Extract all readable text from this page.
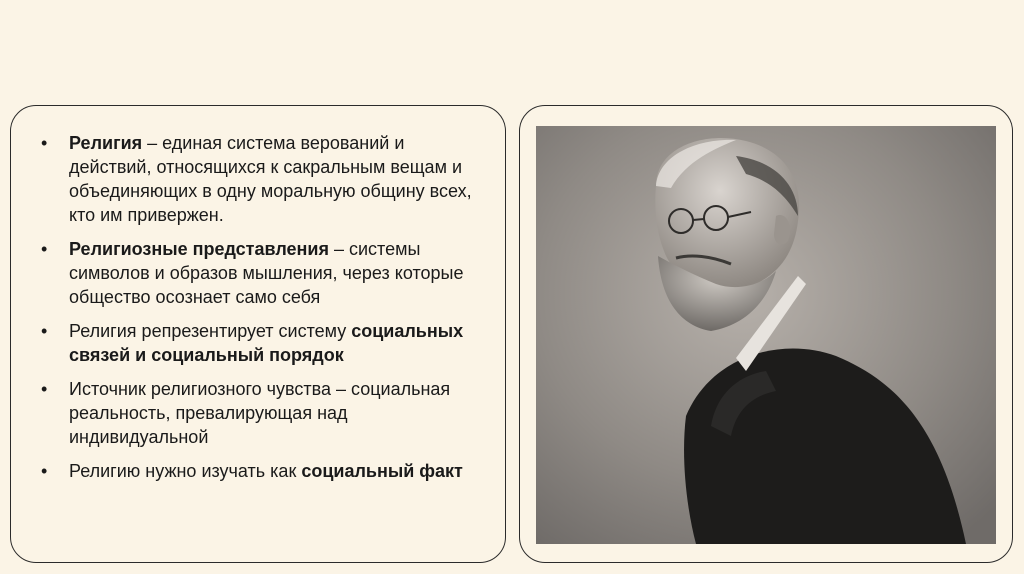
• Религия – единая система верований и действий, относящихся к сакральным вещам и объединяющих в одну моральную общину всех, кто им привержен.
• Религиозные представления – системы символов и образов мышления, через которые общество осознает само себя
• Религия репрезентирует систему социальных связей и социальный порядок
• Источник религиозного чувства – социальная реальность, превалирующая над индивидуальной
• Религию нужно изучать как социальный факт
